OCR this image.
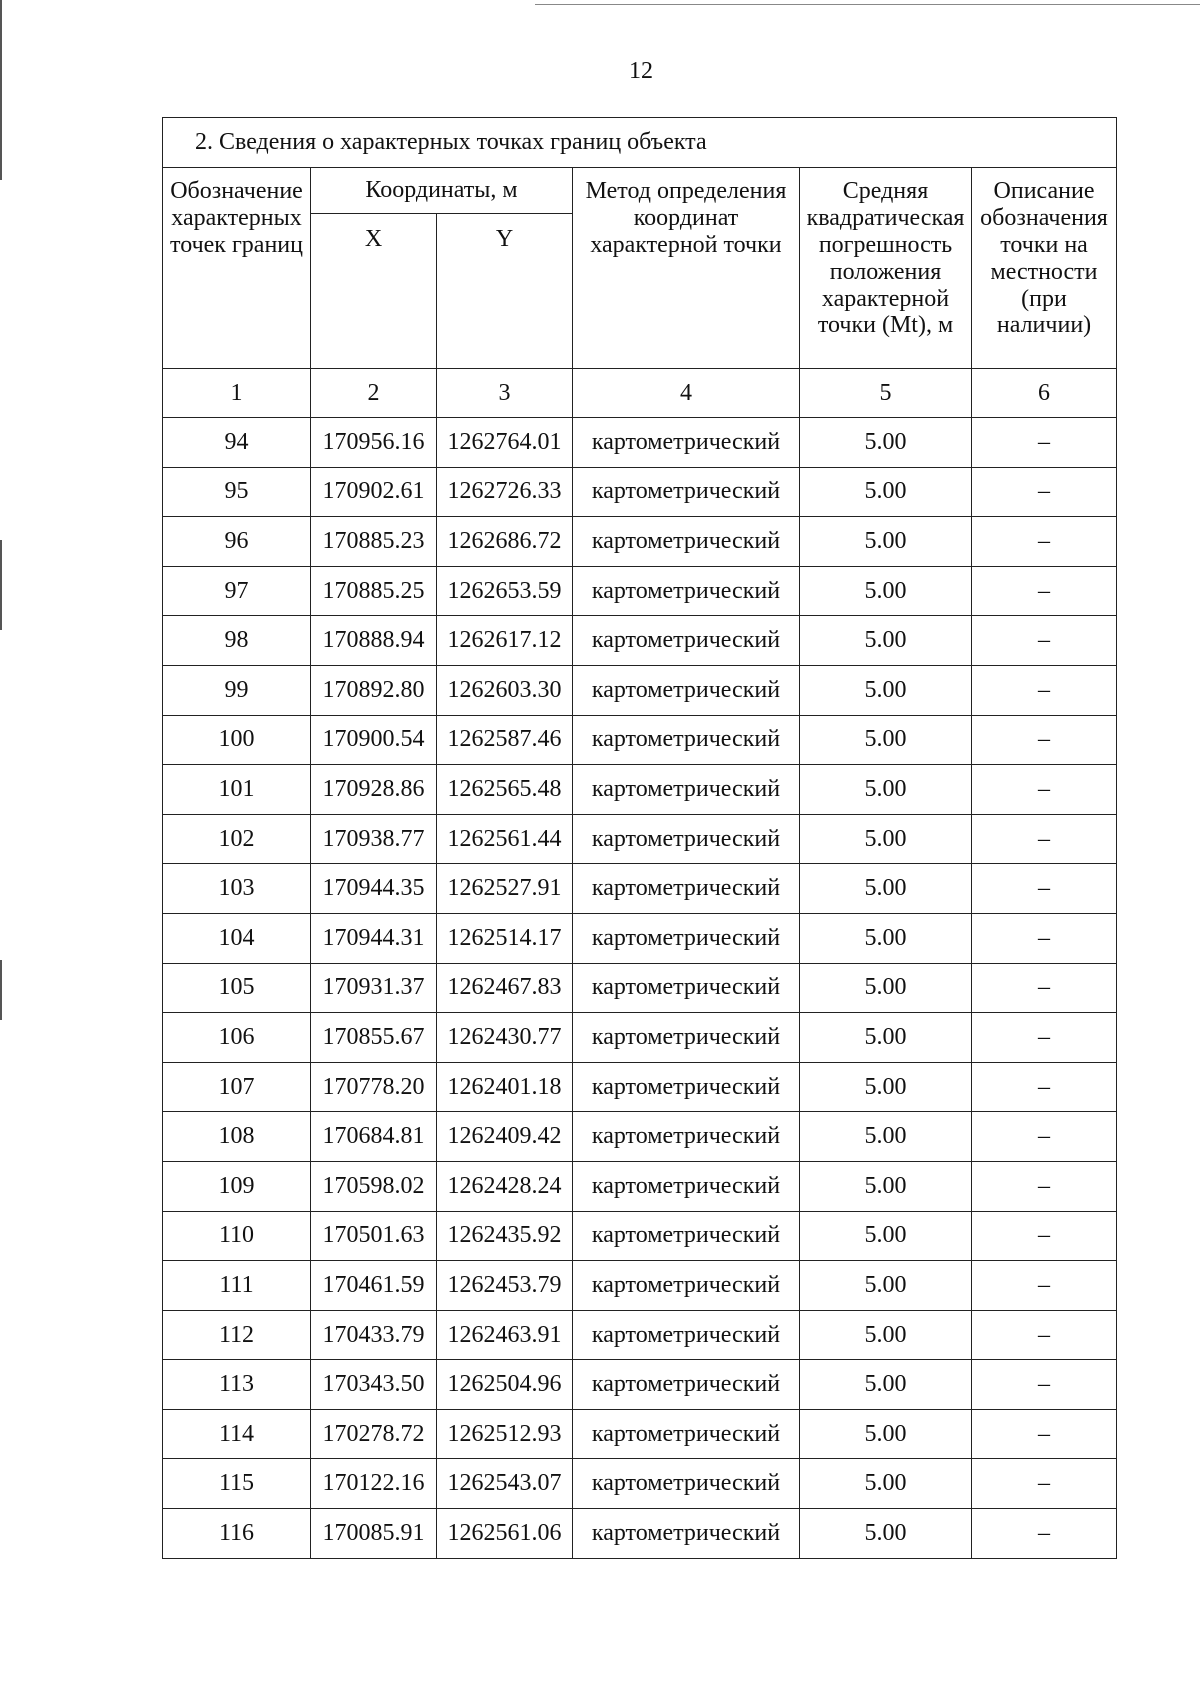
12
2. Сведения о характерных точках границ объекта					
Обозначение характерных точек границ	Координаты, м		Метод определения координат характерной точки	Средняя квадратическая погрешность положения характерной точки (Mt), м	Описание обозначения точки на местности (при наличии)
	X	Y			
1	2	3	4	5	6
94	170956.16	1262764.01	картометрический	5.00	–
95	170902.61	1262726.33	картометрический	5.00	–
96	170885.23	1262686.72	картометрический	5.00	–
97	170885.25	1262653.59	картометрический	5.00	–
98	170888.94	1262617.12	картометрический	5.00	–
99	170892.80	1262603.30	картометрический	5.00	–
100	170900.54	1262587.46	картометрический	5.00	–
101	170928.86	1262565.48	картометрический	5.00	–
102	170938.77	1262561.44	картометрический	5.00	–
103	170944.35	1262527.91	картометрический	5.00	–
104	170944.31	1262514.17	картометрический	5.00	–
105	170931.37	1262467.83	картометрический	5.00	–
106	170855.67	1262430.77	картометрический	5.00	–
107	170778.20	1262401.18	картометрический	5.00	–
108	170684.81	1262409.42	картометрический	5.00	–
109	170598.02	1262428.24	картометрический	5.00	–
110	170501.63	1262435.92	картометрический	5.00	–
111	170461.59	1262453.79	картометрический	5.00	–
112	170433.79	1262463.91	картометрический	5.00	–
113	170343.50	1262504.96	картометрический	5.00	–
114	170278.72	1262512.93	картометрический	5.00	–
115	170122.16	1262543.07	картометрический	5.00	–
116	170085.91	1262561.06	картометрический	5.00	–
